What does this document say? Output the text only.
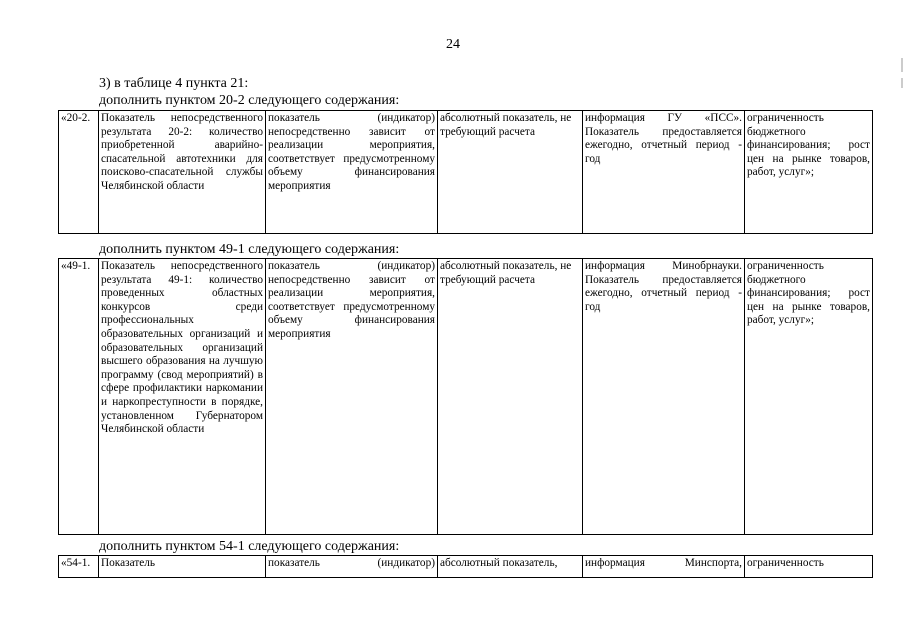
24
3) в таблице 4 пункта 21:
дополнить пунктом 20-2 следующего содержания:
«20-2.	Показатель непосредственного результата 20-2: количество приобретенной аварийно-спасательной автотехники для поисково-спасательной службы Челябинской области	показатель (индикатор) непосредственно зависит от реализации мероприятия, соответствует предусмотренному объему финансирования мероприятия	абсолютный показатель, не требующий расчета	информация ГУ «ПСС». Показатель предоставляется ежегодно, отчетный период - год	ограниченность бюджетного финансирования; рост цен на рынке товаров, работ, услуг»;
дополнить пунктом 49-1 следующего содержания:
«49-1.	Показатель непосредственного результата 49-1: количество проведенных областных конкурсов среди профессиональных образовательных организаций и образовательных организаций высшего образования на лучшую программу (свод мероприятий) в сфере профилактики наркомании и наркопреступности в порядке, установленном Губернатором Челябинской области	показатель (индикатор) непосредственно зависит от реализации мероприятия, соответствует предусмотренному объему финансирования мероприятия	абсолютный показатель, не требующий расчета	информация Минобрнауки. Показатель предоставляется ежегодно, отчетный период - год	ограниченность бюджетного финансирования; рост цен на рынке товаров, работ, услуг»;
дополнить пунктом 54-1 следующего содержания:
«54-1.	Показатель	показатель (индикатор)	абсолютный показатель,	информация Минспорта,	ограниченность
